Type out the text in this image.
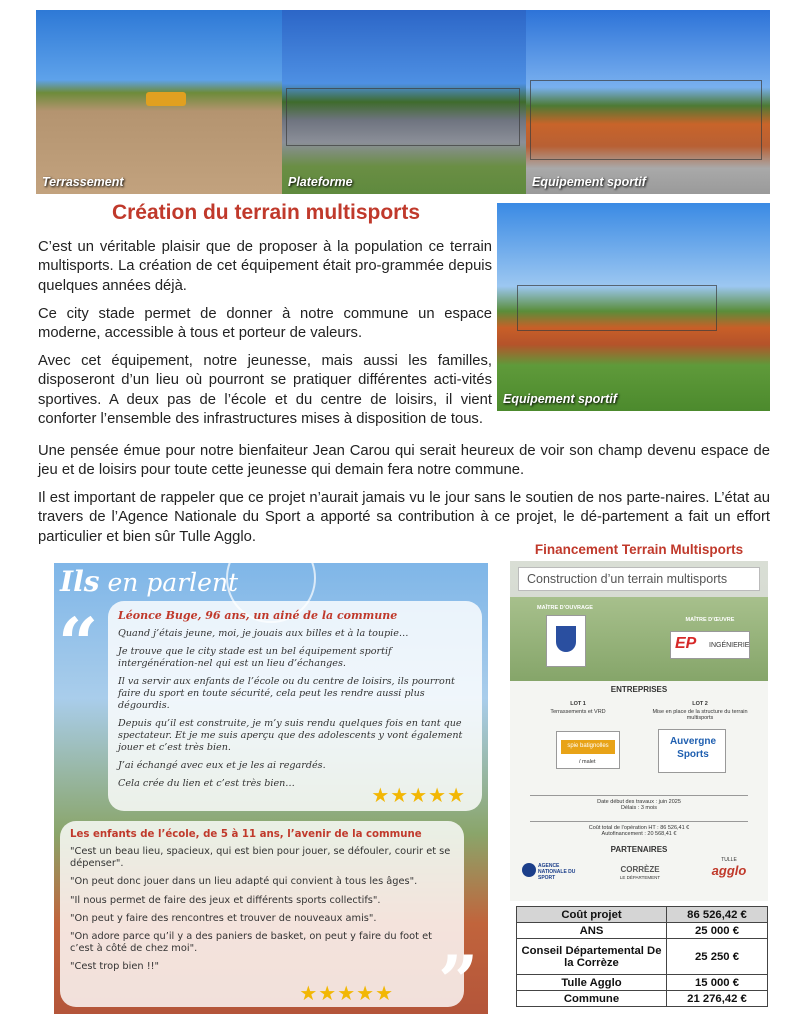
Terrassement	Plateforme	Equipement sportif
Création du terrain multisports
C’est un véritable plaisir que de proposer à la population ce terrain multisports. La création de cet équipement était pro-grammée depuis quelques années déjà.
Ce city stade permet de donner à notre commune un espace moderne, accessible à tous et porteur de valeurs.
Avec cet équipement, notre jeunesse, mais aussi les familles, disposeront d’un lieu où pourront se pratiquer différentes acti-vités sportives. A deux pas de l’école et du centre de loisirs, il vient conforter l’ensemble des infrastructures mises à disposition de tous.
Equipement sportif
Une pensée émue pour notre bienfaiteur Jean Carou qui serait heureux de voir son champ devenu espace de jeu et de loisirs pour toute cette jeunesse qui demain fera notre commune.
Il est important de rappeler que ce projet n’aurait jamais vu le jour sans le soutien de nos parte-naires. L’état au travers de l’Agence Nationale du Sport a apporté sa contribution à ce projet, le dé-partement a fait un effort particulier et bien sûr Tulle Agglo.
Ils en parlent
“ Léonce Buge, 96 ans, un ainé de la commune
Quand j’étais jeune, moi, je jouais aux billes et à la toupie…
Je trouve que le city stade est un bel équipement sportif intergénération-nel qui est un lieu d’échanges.
Il va servir aux enfants de l’école ou du centre de loisirs, ils pourront faire du sport en toute sécurité, cela peut les rendre aussi plus dégourdis.
Depuis qu’il est construite, je m’y suis rendu quelques fois en tant que spectateur. Et je me suis aperçu que des adolescents y vont également jouer et c’est très bien.
J’ai échangé avec eux et je les ai regardés.
Cela crée du lien et c’est très bien…	★★★★★
Les enfants de l’école, de 5 à 11 ans, l’avenir de la commune
"Cest un beau lieu, spacieux, qui est bien pour jouer, se défouler, courir et se dépenser".
"On peut donc jouer dans un lieu adapté qui convient à tous les âges".
"Il nous permet de faire des jeux et différents sports collectifs".
"On peut y faire des rencontres et trouver de nouveaux amis".
"On adore parce qu’il y a des paniers de basket, on peut y faire du foot et c’est à côté de chez moi".
"Cest trop bien !!"
★★★★★ ”
Financement Terrain Multisports
Construction d’un terrain multisports
MAÎTRE D’OUVRAGE
MAÎTRE D’ŒUVRE
EP INGÉNIERIE
ENTREPRISES
LOT 1
Terrassements et VRD
LOT 2
Mise en place de la structure du terrain multisports
spie batignolles
/ malet
Auvergne
Sports
Date début des travaux : juin 2025
Délais : 3 mois
Coût total de l’opération HT : 86 526,41 €
Autofinancement : 20 568,41 €
PARTENAIRES
AGENCE NATIONALE DU SPORT
CORRÈZE
LE DÉPARTEMENT
TULLE
agglo
Coût projet	86 526,42 €
ANS	25 000 €
Conseil Départemental De la Corrèze	25 250 €
Tulle Agglo	15 000 €
Commune	21 276,42 €
